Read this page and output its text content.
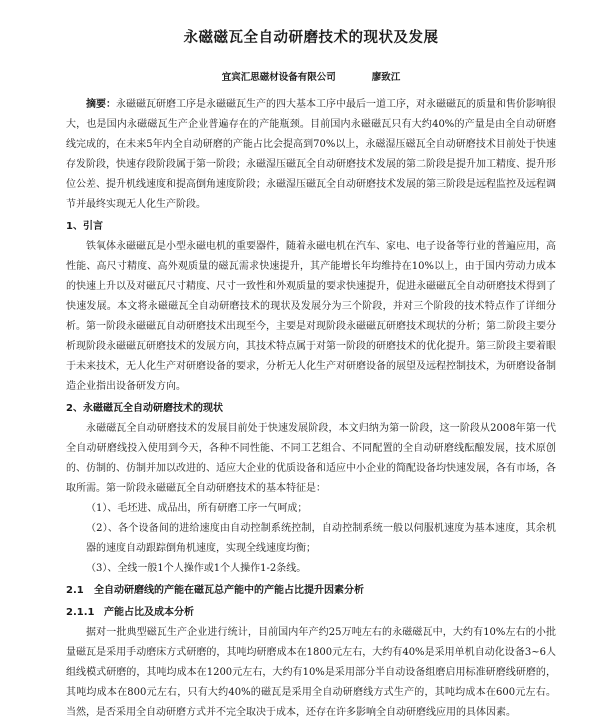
永磁磁瓦全自动研磨技术的现状及发展
宜宾汇思磁材设备有限公司	廖致江
摘要：永磁磁瓦研磨工序是永磁磁瓦生产的四大基本工序中最后一道工序，对永磁磁瓦的质量和售价影响很大，也是国内永磁磁瓦生产企业普遍存在的产能瓶颈。目前国内永磁磁瓦只有大约40%的产量是由全自动研磨线完成的，在未来5年内全自动研磨的产能占比会提高到70%以上，永磁湿压磁瓦全自动研磨技术目前处于快速存发阶段，快速存段阶段属于第一阶段；永磁湿压磁瓦全自动研磨技术发展的第二阶段是提升加工精度、提升形位公差、提升机线速度和提高倒角速度阶段；永磁湿压磁瓦全自动研磨技术发展的第三阶段是远程监控及远程调节并最终实现无人化生产阶段。
1、引言

铁氧体永磁磁瓦是小型永磁电机的重要器件，随着永磁电机在汽车、家电、电子设备等行业的普遍应用，高性能、高尺寸精度、高外观质量的磁瓦需求快速提升，其产能增长年均维持在10%以上，由于国内劳动力成本的快速上升以及对磁瓦尺寸精度、尺寸一致性和外观质量的要求快速提升，促进永磁磁瓦全自动研磨技术得到了快速发展。本文将永磁磁瓦全自动研磨技术的现状及发展分为三个阶段，并对三个阶段的技术特点作了详细分析。第一阶段永磁磁瓦自动研磨技术出现至今，主要是对现阶段永磁磁瓦研磨技术现状的分析；第二阶段主要分析现阶段永磁磁瓦研磨技术的发展方向，其技术特点属于对第一阶段的研磨技术的优化提升。第三阶段主要着眼于未来技术，无人化生产对研磨设备的要求，分析无人化生产对研磨设备的展望及远程控制技术，为研磨设备制造企业指出设备研发方向。

2、永磁磁瓦全自动研磨技术的现状

永磁磁瓦全自动研磨技术的发展目前处于快速发展阶段，本文归纳为第一阶段，这一阶段从2008年第一代全自动研磨线投入使用到今天，各种不同性能、不同工艺组合、不同配置的全自动研磨线酝酿发展，技术原创的、仿制的、仿制并加以改进的、适应大企业的优质设备和适应中小企业的简配设备均快速发展，各有市场，各取所需。第一阶段永磁磁瓦全自动研磨技术的基本特征是：

（1）、毛坯进、成品出，所有研磨工序一气呵成；

（2）、各个设备间的进给速度由自动控制系统控制，自动控制系统一般以伺服机速度为基本速度，其余机器的速度自动跟踪倒角机速度，实现全线速度均衡；

（3）、全线一般1个人操作或1个人操作1-2条线。

2.1 全自动研磨线的产能在磁瓦总产能中的产能占比提升因素分析
2.1.1 产能占比及成本分析

据对一批典型磁瓦生产企业进行统计，目前国内年产约25万吨左右的永磁磁瓦中，大约有10%左右的小批量磁瓦是采用手动磨床方式研磨的，其吨均研磨成本在1800元左右，大约有40%是采用单机自动化设备3~6人组线模式研磨的，其吨均成本在1200元左右，大约有10%是采用部分半自动设备组磨启用标准研磨线研磨的，其吨均成本在800元左右，只有大约40%的磁瓦是采用全自动研磨线方式生产的，其吨均成本在600元左右。当然，是否采用全自动研磨方式并不完全取决于成本，还存在许多影响全自动研磨线应用的具体因素。
